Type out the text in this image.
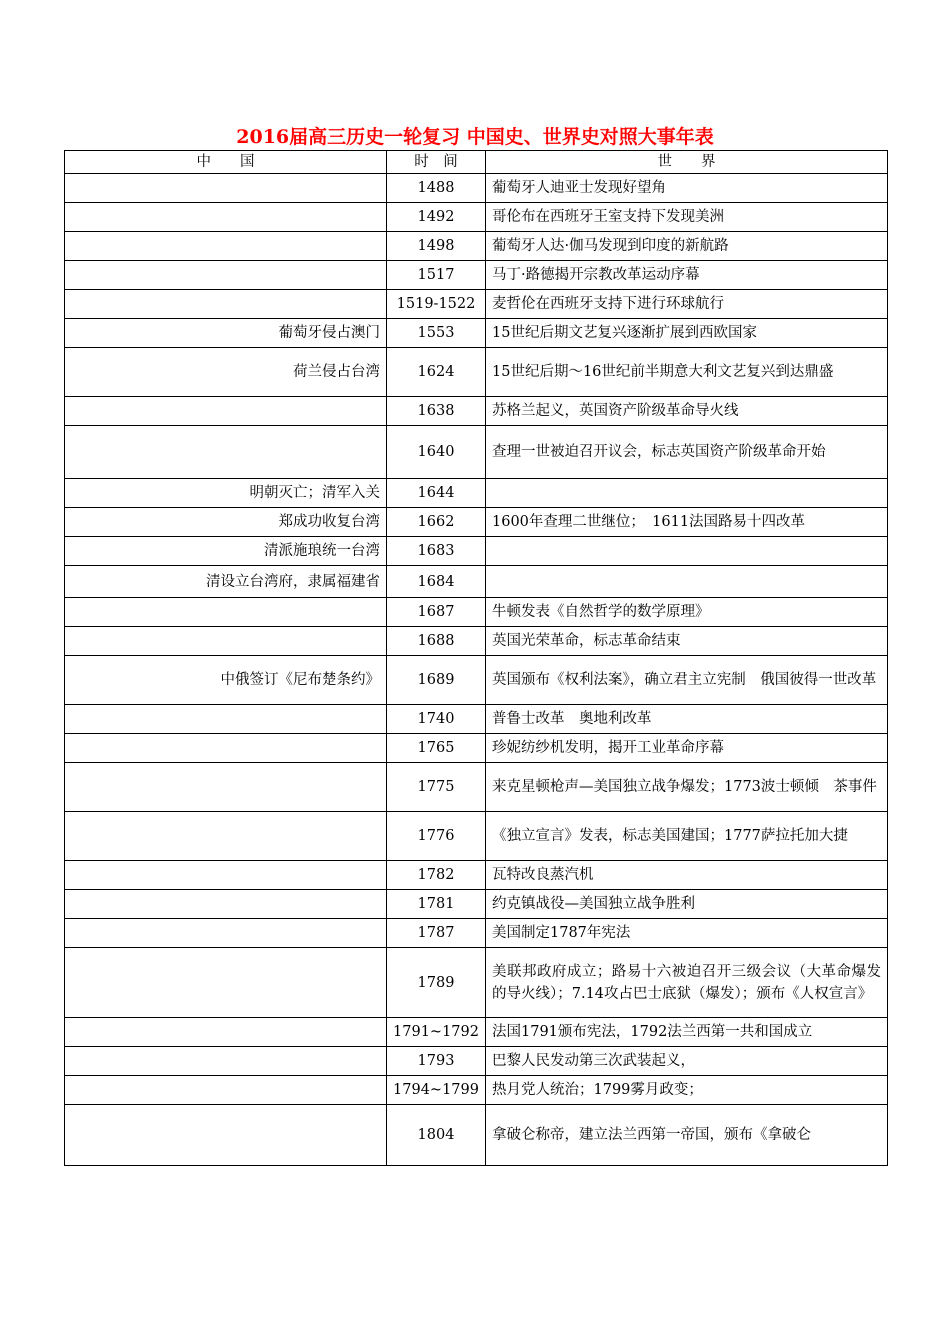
2016届高三历史一轮复习 中国史、世界史对照大事年表
中　　国	时　间	世　　界
	1488	葡萄牙人迪亚士发现好望角
	1492	哥伦布在西班牙王室支持下发现美洲
	1498	葡萄牙人达·伽马发现到印度的新航路
	1517	马丁·路德揭开宗教改革运动序幕
	1519-1522	麦哲伦在西班牙支持下进行环球航行
葡萄牙侵占澳门	1553	15世纪后期文艺复兴逐渐扩展到西欧国家
荷兰侵占台湾	1624	15世纪后期～16世纪前半期意大利文艺复兴到达鼎盛
	1638	苏格兰起义，英国资产阶级革命导火线
	1640	查理一世被迫召开议会，标志英国资产阶级革命开始
明朝灭亡；清军入关	1644	
郑成功收复台湾	1662	1600年查理二世继位；　1611法国路易十四改革
清派施琅统一台湾	1683	
清设立台湾府，隶属福建省	1684	
	1687	牛顿发表《自然哲学的数学原理》
	1688	英国光荣革命，标志革命结束
中俄签订《尼布楚条约》	1689	英国颁布《权利法案》，确立君主立宪制　俄国彼得一世改革
	1740	普鲁士改革　奥地利改革
	1765	珍妮纺纱机发明，揭开工业革命序幕
	1775	来克星顿枪声—美国独立战争爆发；1773波士顿倾　茶事件
	1776	《独立宣言》发表，标志美国建国；1777萨拉托加大捷
	1782	瓦特改良蒸汽机
	1781	约克镇战役—美国独立战争胜利
	1787	美国制定1787年宪法
	1789	美联邦政府成立；路易十六被迫召开三级会议（大革命爆发的导火线）；7.14攻占巴士底狱（爆发）；颁布《人权宣言》
	1791~1792	法国1791颁布宪法，1792法兰西第一共和国成立
	1793	巴黎人民发动第三次武装起义，
	1794~1799	热月党人统治；1799雾月政变；
	1804	拿破仑称帝，建立法兰西第一帝国，颁布《拿破仑
